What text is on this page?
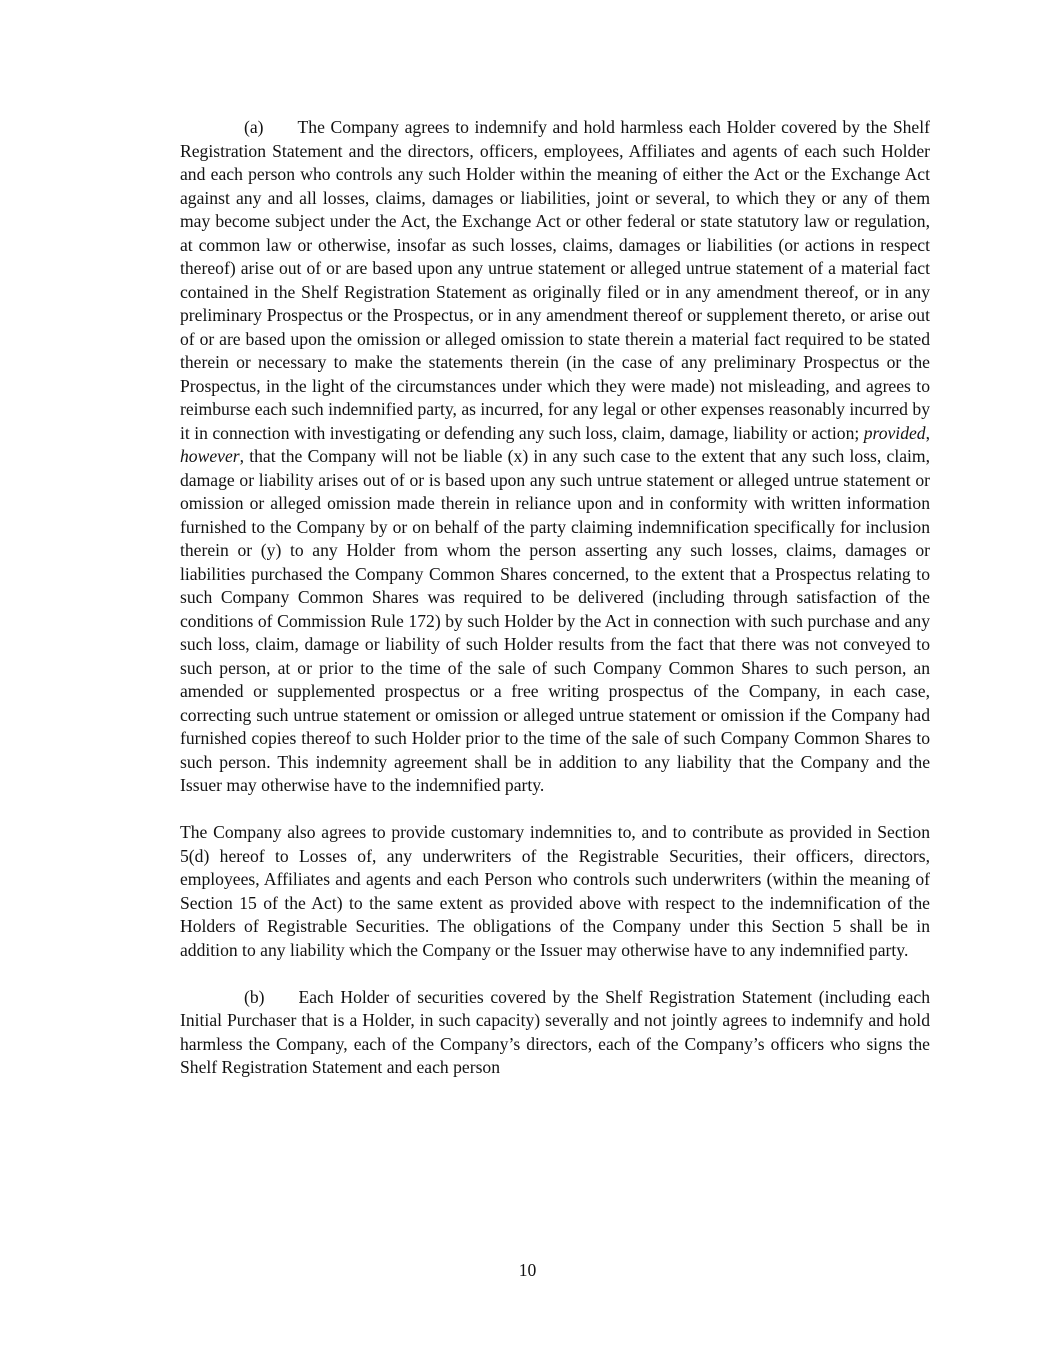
(a) The Company agrees to indemnify and hold harmless each Holder covered by the Shelf Registration Statement and the directors, officers, employees, Affiliates and agents of each such Holder and each person who controls any such Holder within the meaning of either the Act or the Exchange Act against any and all losses, claims, damages or liabilities, joint or several, to which they or any of them may become subject under the Act, the Exchange Act or other federal or state statutory law or regulation, at common law or otherwise, insofar as such losses, claims, damages or liabilities (or actions in respect thereof) arise out of or are based upon any untrue statement or alleged untrue statement of a material fact contained in the Shelf Registration Statement as originally filed or in any amendment thereof, or in any preliminary Prospectus or the Prospectus, or in any amendment thereof or supplement thereto, or arise out of or are based upon the omission or alleged omission to state therein a material fact required to be stated therein or necessary to make the statements therein (in the case of any preliminary Prospectus or the Prospectus, in the light of the circumstances under which they were made) not misleading, and agrees to reimburse each such indemnified party, as incurred, for any legal or other expenses reasonably incurred by it in connection with investigating or defending any such loss, claim, damage, liability or action; provided, however, that the Company will not be liable (x) in any such case to the extent that any such loss, claim, damage or liability arises out of or is based upon any such untrue statement or alleged untrue statement or omission or alleged omission made therein in reliance upon and in conformity with written information furnished to the Company by or on behalf of the party claiming indemnification specifically for inclusion therein or (y) to any Holder from whom the person asserting any such losses, claims, damages or liabilities purchased the Company Common Shares concerned, to the extent that a Prospectus relating to such Company Common Shares was required to be delivered (including through satisfaction of the conditions of Commission Rule 172) by such Holder by the Act in connection with such purchase and any such loss, claim, damage or liability of such Holder results from the fact that there was not conveyed to such person, at or prior to the time of the sale of such Company Common Shares to such person, an amended or supplemented prospectus or a free writing prospectus of the Company, in each case, correcting such untrue statement or omission or alleged untrue statement or omission if the Company had furnished copies thereof to such Holder prior to the time of the sale of such Company Common Shares to such person. This indemnity agreement shall be in addition to any liability that the Company and the Issuer may otherwise have to the indemnified party.

The Company also agrees to provide customary indemnities to, and to contribute as provided in Section 5(d) hereof to Losses of, any underwriters of the Registrable Securities, their officers, directors, employees, Affiliates and agents and each Person who controls such underwriters (within the meaning of Section 15 of the Act) to the same extent as provided above with respect to the indemnification of the Holders of Registrable Securities. The obligations of the Company under this Section 5 shall be in addition to any liability which the Company or the Issuer may otherwise have to any indemnified party.

(b) Each Holder of securities covered by the Shelf Registration Statement (including each Initial Purchaser that is a Holder, in such capacity) severally and not jointly agrees to indemnify and hold harmless the Company, each of the Company’s directors, each of the Company’s officers who signs the Shelf Registration Statement and each person

10
